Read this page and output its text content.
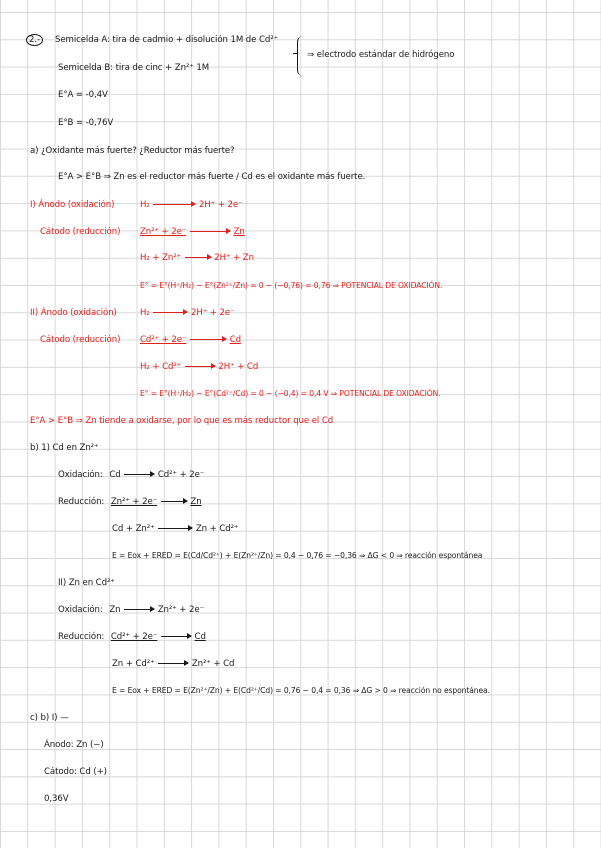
2.- Semicelda A: tira de cadmio + disolución 1M de Cd²⁺
Semicelda B: tira de cinc + Zn²⁺ 1M
⇒ electrodo estándar de hidrógeno
E°A = -0,4V
E°B = -0,76V
a) ¿Oxidante más fuerte? ¿Reductor más fuerte?
E°A > E°B ⇒ Zn es el reductor más fuerte / Cd es el oxidante más fuerte.
I) Ánodo (oxidación)	H₂	2H⁺ + 2e⁻
Cátodo (reducción) Zn²⁺ + 2e⁻	Zn
H₂ + Zn²⁺	2H⁺ + Zn
E° = E°(H⁺/H₂) − E°(Zn²⁺/Zn) = 0 − (−0,76) = 0,76 ⇒ POTENCIAL DE OXIDACIÓN.
II) Ánodo (oxidación)	H₂	2H⁺ + 2e⁻
Cátodo (reducción) Cd²⁺ + 2e⁻	Cd
H₂ + Cd²⁺	2H⁺ + Cd
E° = E°(H⁺/H₂) − E°(Cd²⁺/Cd) = 0 − (−0,4) = 0,4 V ⇒ POTENCIAL DE OXIDACIÓN.
E°A > E°B ⇒ Zn tiende a oxidarse, por lo que es más reductor que el Cd
b) 1) Cd en Zn²⁺
Oxidación: Cd	Cd²⁺ + 2e⁻
Reducción: Zn²⁺ + 2e⁻	Zn
Cd + Zn²⁺	Zn + Cd²⁺
E = Eox + ERED = E(Cd/Cd²⁺) + E(Zn²⁺/Zn) = 0,4 − 0,76 = −0,36 ⇒ ΔG < 0 ⇒ reacción espontánea
II) Zn en Cd²⁺
Oxidación: Zn	Zn²⁺ + 2e⁻
Reducción: Cd²⁺ + 2e⁻	Cd
Zn + Cd²⁺	Zn²⁺ + Cd
E = Eox + ERED = E(Zn²⁺/Zn) + E(Cd²⁺/Cd) = 0,76 − 0,4 = 0,36 ⇒ ΔG > 0 ⇒ reacción no espontánea.
c) b) I) —
Ánodo: Zn (−)
Cátodo: Cd (+)
0,36V
